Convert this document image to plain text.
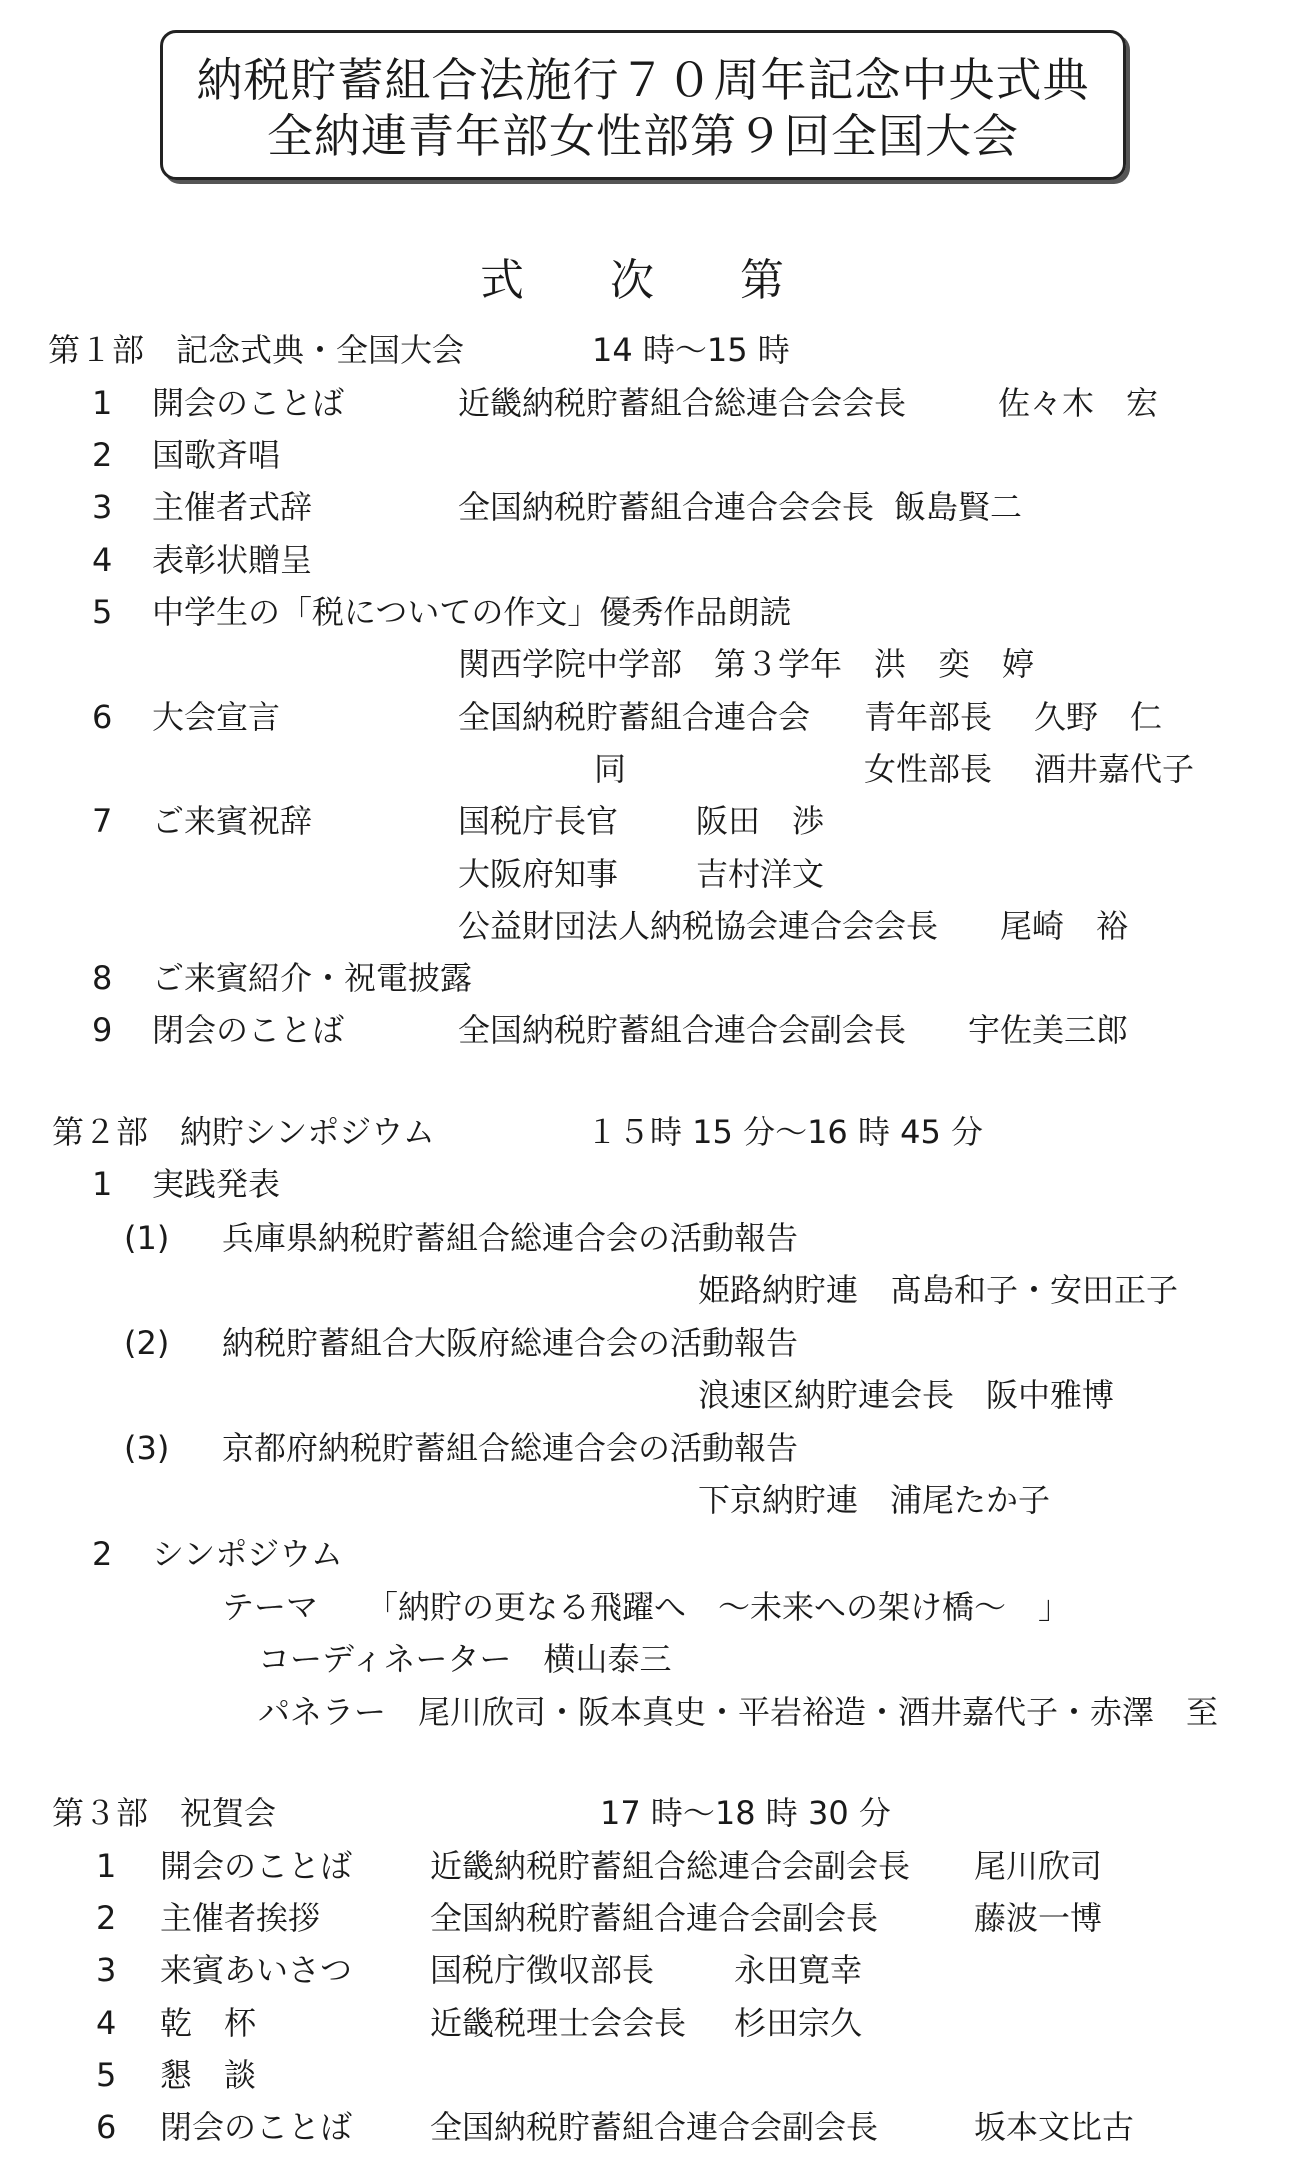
納税貯蓄組合法施行７０周年記念中央式典
全納連青年部女性部第９回全国大会
式 次 第
第１部　記念式典・全国大会	14 時～15 時
1 開会のことば	近畿納税貯蓄組合総連合会会長	佐々木　宏
2 国歌斉唱
3 主催者式辞	全国納税貯蓄組合連合会会長 飯島賢二
4 表彰状贈呈
5 中学生の「税についての作文」優秀作品朗読
関西学院中学部　第３学年　洪　奕　婷
6 大会宣言	全国納税貯蓄組合連合会 青年部長 久野　仁
同	女性部長 酒井嘉代子
7 ご来賓祝辞	国税庁長官 阪田　渉
大阪府知事 吉村洋文
公益財団法人納税協会連合会会長 尾崎　裕
8 ご来賓紹介・祝電披露
9 閉会のことば	全国納税貯蓄組合連合会副会長 宇佐美三郎
第２部　納貯シンポジウム	１５時 15 分～16 時 45 分
1 実践発表
(1) 兵庫県納税貯蓄組合総連合会の活動報告
姫路納貯連　髙島和子・安田正子
(2) 納税貯蓄組合大阪府総連合会の活動報告
浪速区納貯連会長　阪中雅博
(3) 京都府納税貯蓄組合総連合会の活動報告
下京納貯連　浦尾たか子
2 シンポジウム
テーマ 「納貯の更なる飛躍へ　～未来への架け橋～　」
コーディネーター　横山泰三
パネラー　尾川欣司・阪本真史・平岩裕造・酒井嘉代子・赤澤　至
第３部　祝賀会	17 時～18 時 30 分
1 開会のことば 近畿納税貯蓄組合総連合会副会長 尾川欣司
2 主催者挨拶	全国納税貯蓄組合連合会副会長	藤波一博
3 来賓あいさつ 国税庁徴収部長 永田寛幸
4 乾　杯	近畿税理士会会長 杉田宗久
5 懇　談
6 閉会のことば 全国納税貯蓄組合連合会副会長	坂本文比古
